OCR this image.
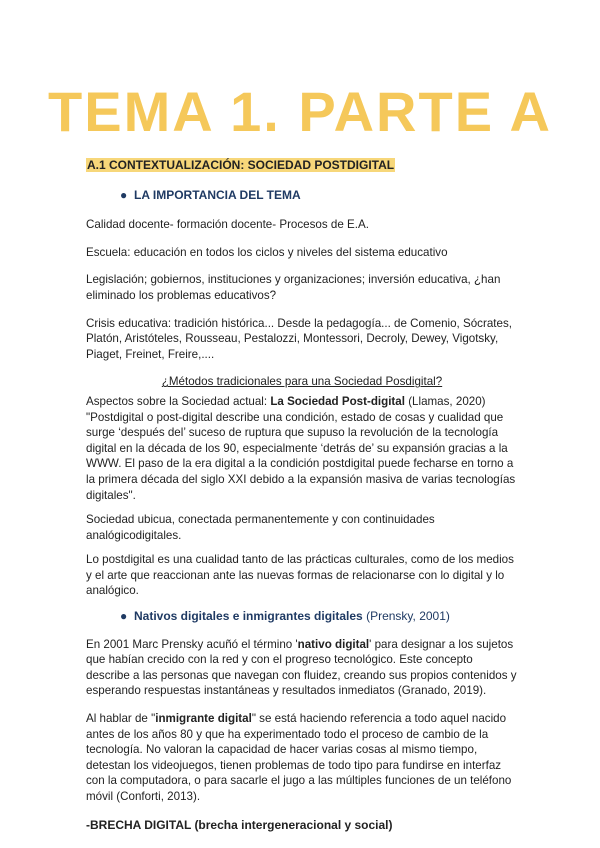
TEMA 1. PARTE A
A.1 CONTEXTUALIZACIÓN: SOCIEDAD POSTDIGITAL
● LA IMPORTANCIA DEL TEMA

Calidad docente- formación docente- Procesos de E.A.

Escuela: educación en todos los ciclos y niveles del sistema educativo

Legislación; gobiernos, instituciones y organizaciones; inversión educativa, ¿han eliminado los problemas educativos?

Crisis educativa: tradición histórica... Desde la pedagogía... de Comenio, Sócrates, Platón, Aristóteles, Rousseau, Pestalozzi, Montessori, Decroly, Dewey, Vigotsky, Piaget, Freinet, Freire,....

¿Métodos tradicionales para una Sociedad Posdigital?

Aspectos sobre la Sociedad actual: La Sociedad Post-digital (Llamas, 2020)
"Postdigital o post-digital describe una condición, estado de cosas y cualidad que surge ‘después del’ suceso de ruptura que supuso la revolución de la tecnología digital en la década de los 90, especialmente ‘detrás de’ su expansión gracias a la WWW. El paso de la era digital a la condición postdigital puede fecharse en torno a la primera década del siglo XXI debido a la expansión masiva de varias tecnologías digitales".

Sociedad ubicua, conectada permanentemente y con continuidades analógicodigitales.

Lo postdigital es una cualidad tanto de las prácticas culturales, como de los medios y el arte que reaccionan ante las nuevas formas de relacionarse con lo digital y lo analógico.

● Nativos digitales e inmigrantes digitales (Prensky, 2001)

En 2001 Marc Prensky acuñó el término 'nativo digital' para designar a los sujetos que habían crecido con la red y con el progreso tecnológico. Este concepto describe a las personas que navegan con fluidez, creando sus propios contenidos y esperando respuestas instantáneas y resultados inmediatos (Granado, 2019).

Al hablar de "inmigrante digital" se está haciendo referencia a todo aquel nacido antes de los años 80 y que ha experimentado todo el proceso de cambio de la tecnología. No valoran la capacidad de hacer varias cosas al mismo tiempo, detestan los videojuegos, tienen problemas de todo tipo para fundirse en interfaz con la computadora, o para sacarle el jugo a las múltiples funciones de un teléfono móvil (Conforti, 2013).

-BRECHA DIGITAL (brecha intergeneracional y social)
